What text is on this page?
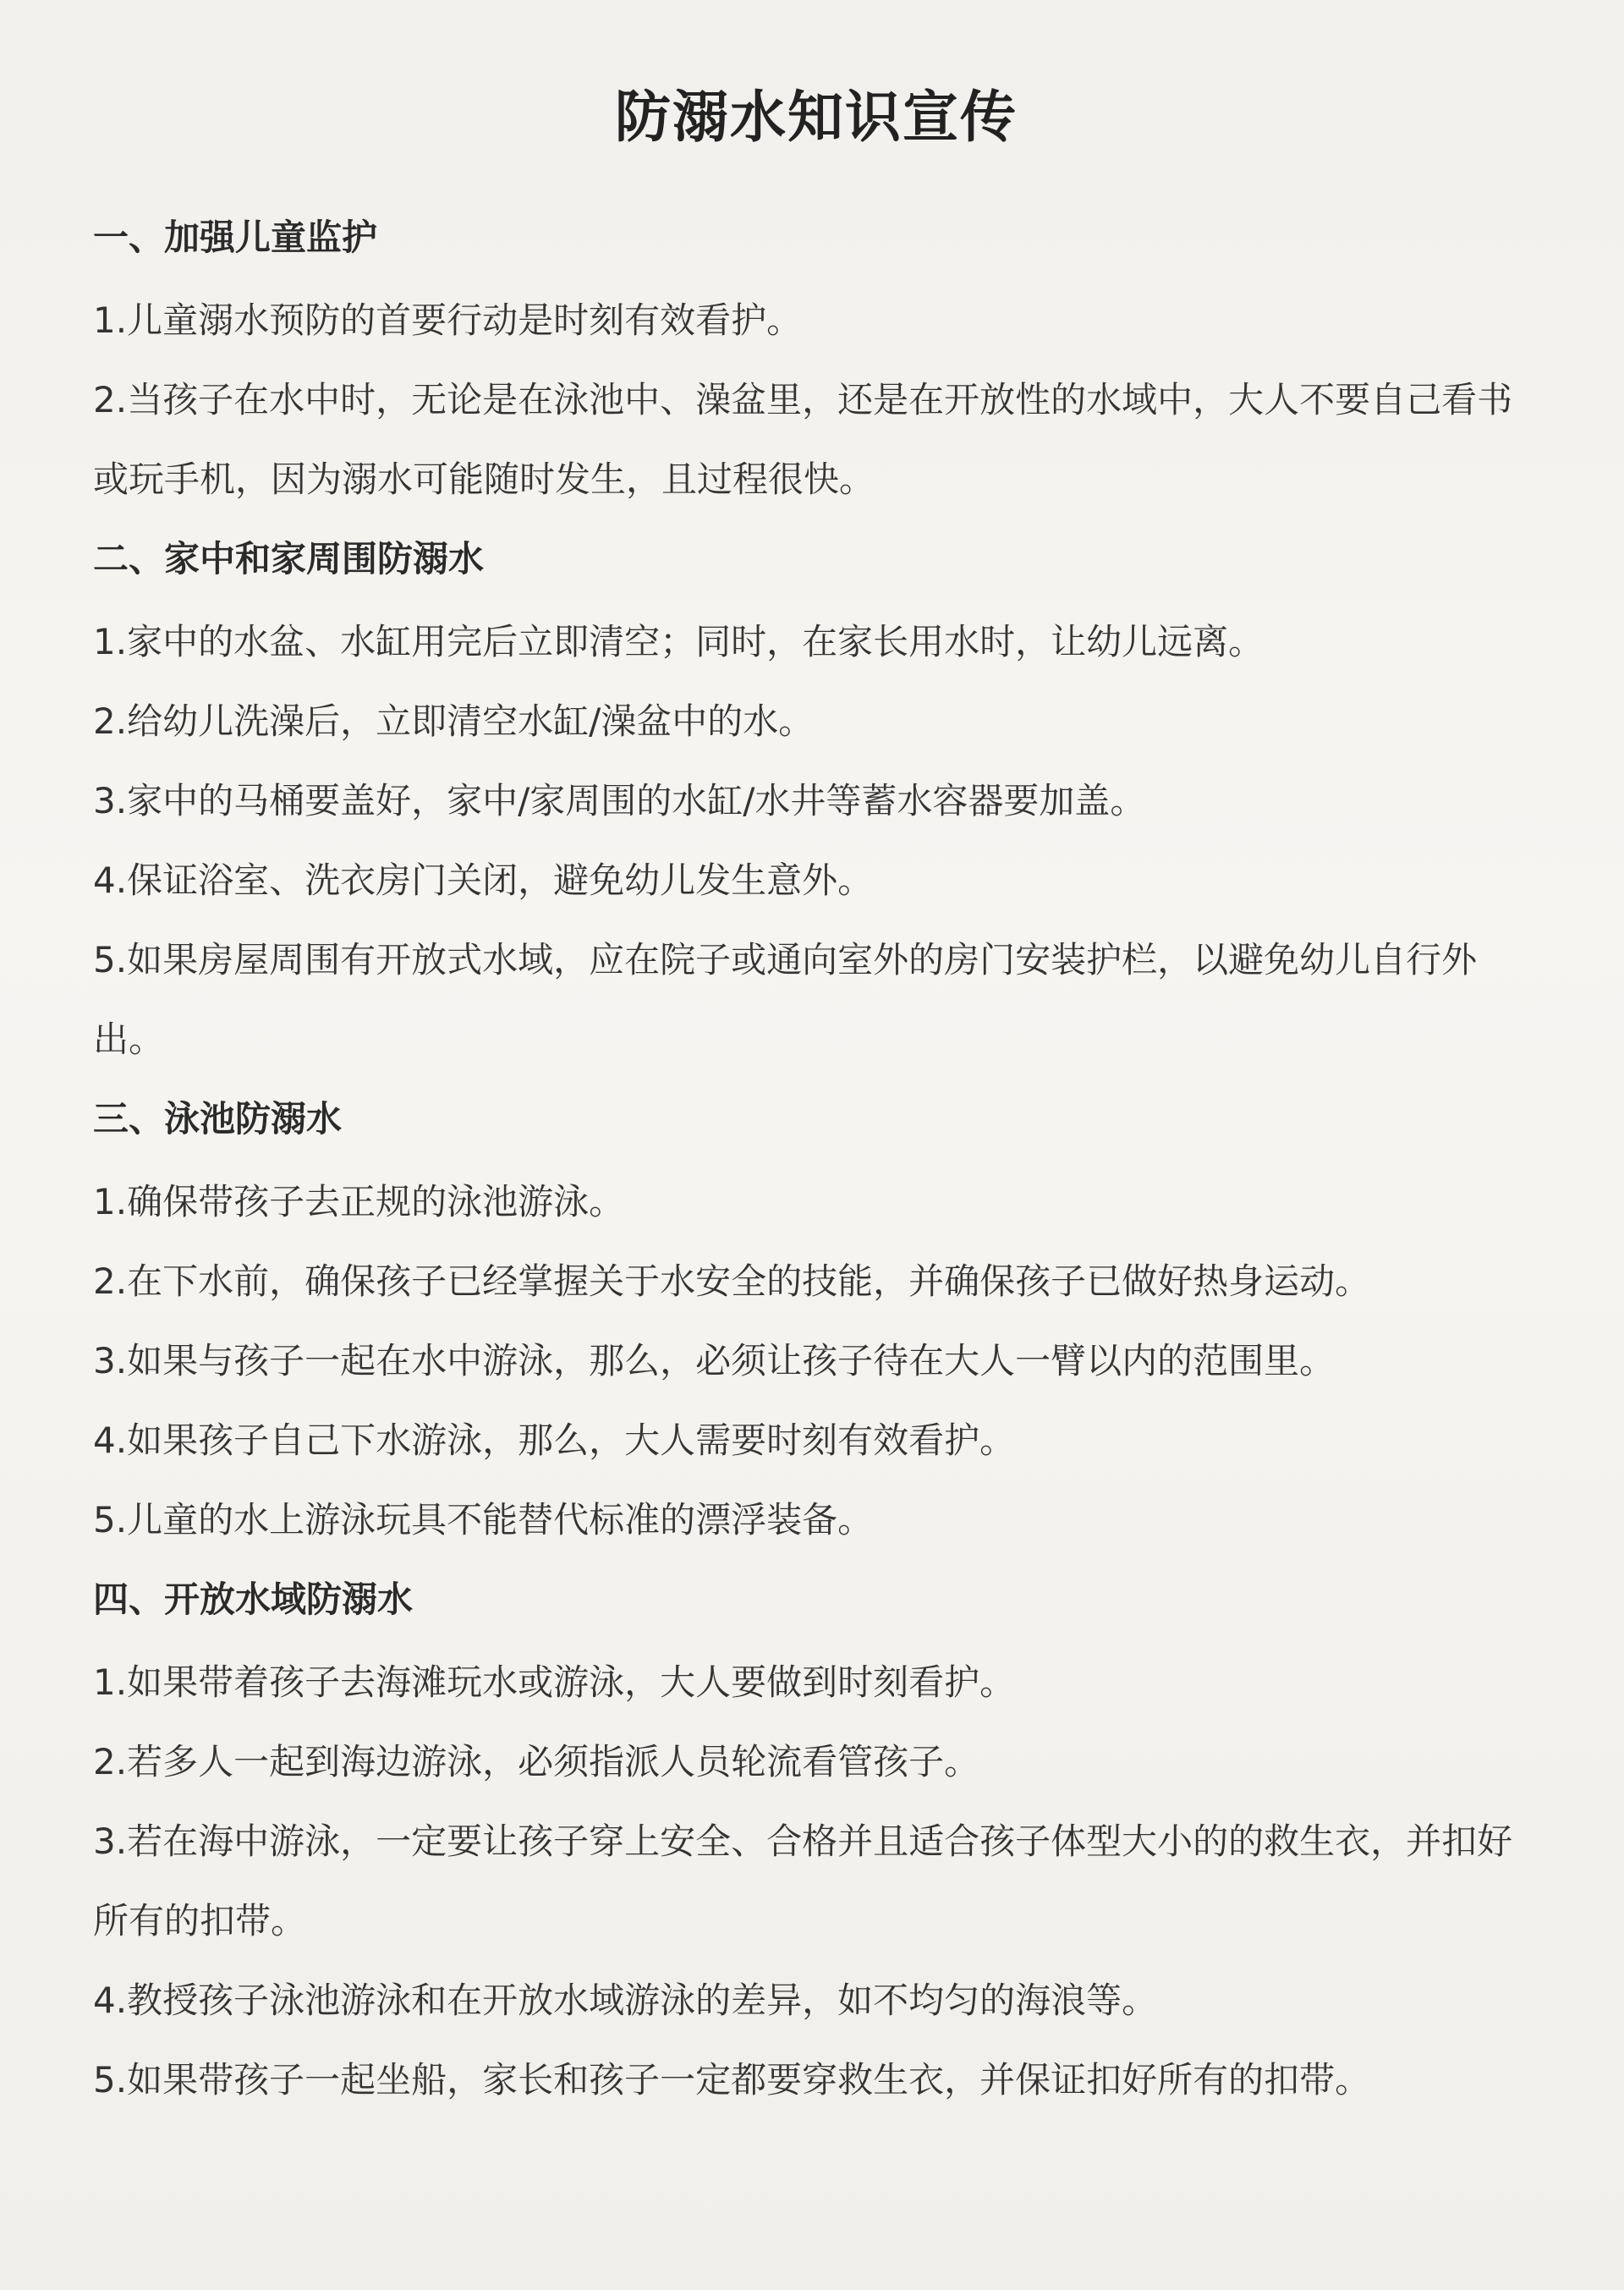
防溺水知识宣传
一、加强儿童监护
1.儿童溺水预防的首要行动是时刻有效看护。
2.当孩子在水中时，无论是在泳池中、澡盆里，还是在开放性的水域中，大人不要自己看书或玩手机，因为溺水可能随时发生，且过程很快。
二、家中和家周围防溺水
1.家中的水盆、水缸用完后立即清空；同时，在家长用水时，让幼儿远离。
2.给幼儿洗澡后，立即清空水缸/澡盆中的水。
3.家中的马桶要盖好，家中/家周围的水缸/水井等蓄水容器要加盖。
4.保证浴室、洗衣房门关闭，避免幼儿发生意外。
5.如果房屋周围有开放式水域，应在院子或通向室外的房门安装护栏，以避免幼儿自行外出。
三、泳池防溺水
1.确保带孩子去正规的泳池游泳。
2.在下水前，确保孩子已经掌握关于水安全的技能，并确保孩子已做好热身运动。
3.如果与孩子一起在水中游泳，那么，必须让孩子待在大人一臂以内的范围里。
4.如果孩子自己下水游泳，那么，大人需要时刻有效看护。
5.儿童的水上游泳玩具不能替代标准的漂浮装备。
四、开放水域防溺水
1.如果带着孩子去海滩玩水或游泳，大人要做到时刻看护。
2.若多人一起到海边游泳，必须指派人员轮流看管孩子。
3.若在海中游泳，一定要让孩子穿上安全、合格并且适合孩子体型大小的的救生衣，并扣好所有的扣带。
4.教授孩子泳池游泳和在开放水域游泳的差异，如不均匀的海浪等。
5.如果带孩子一起坐船，家长和孩子一定都要穿救生衣，并保证扣好所有的扣带。
